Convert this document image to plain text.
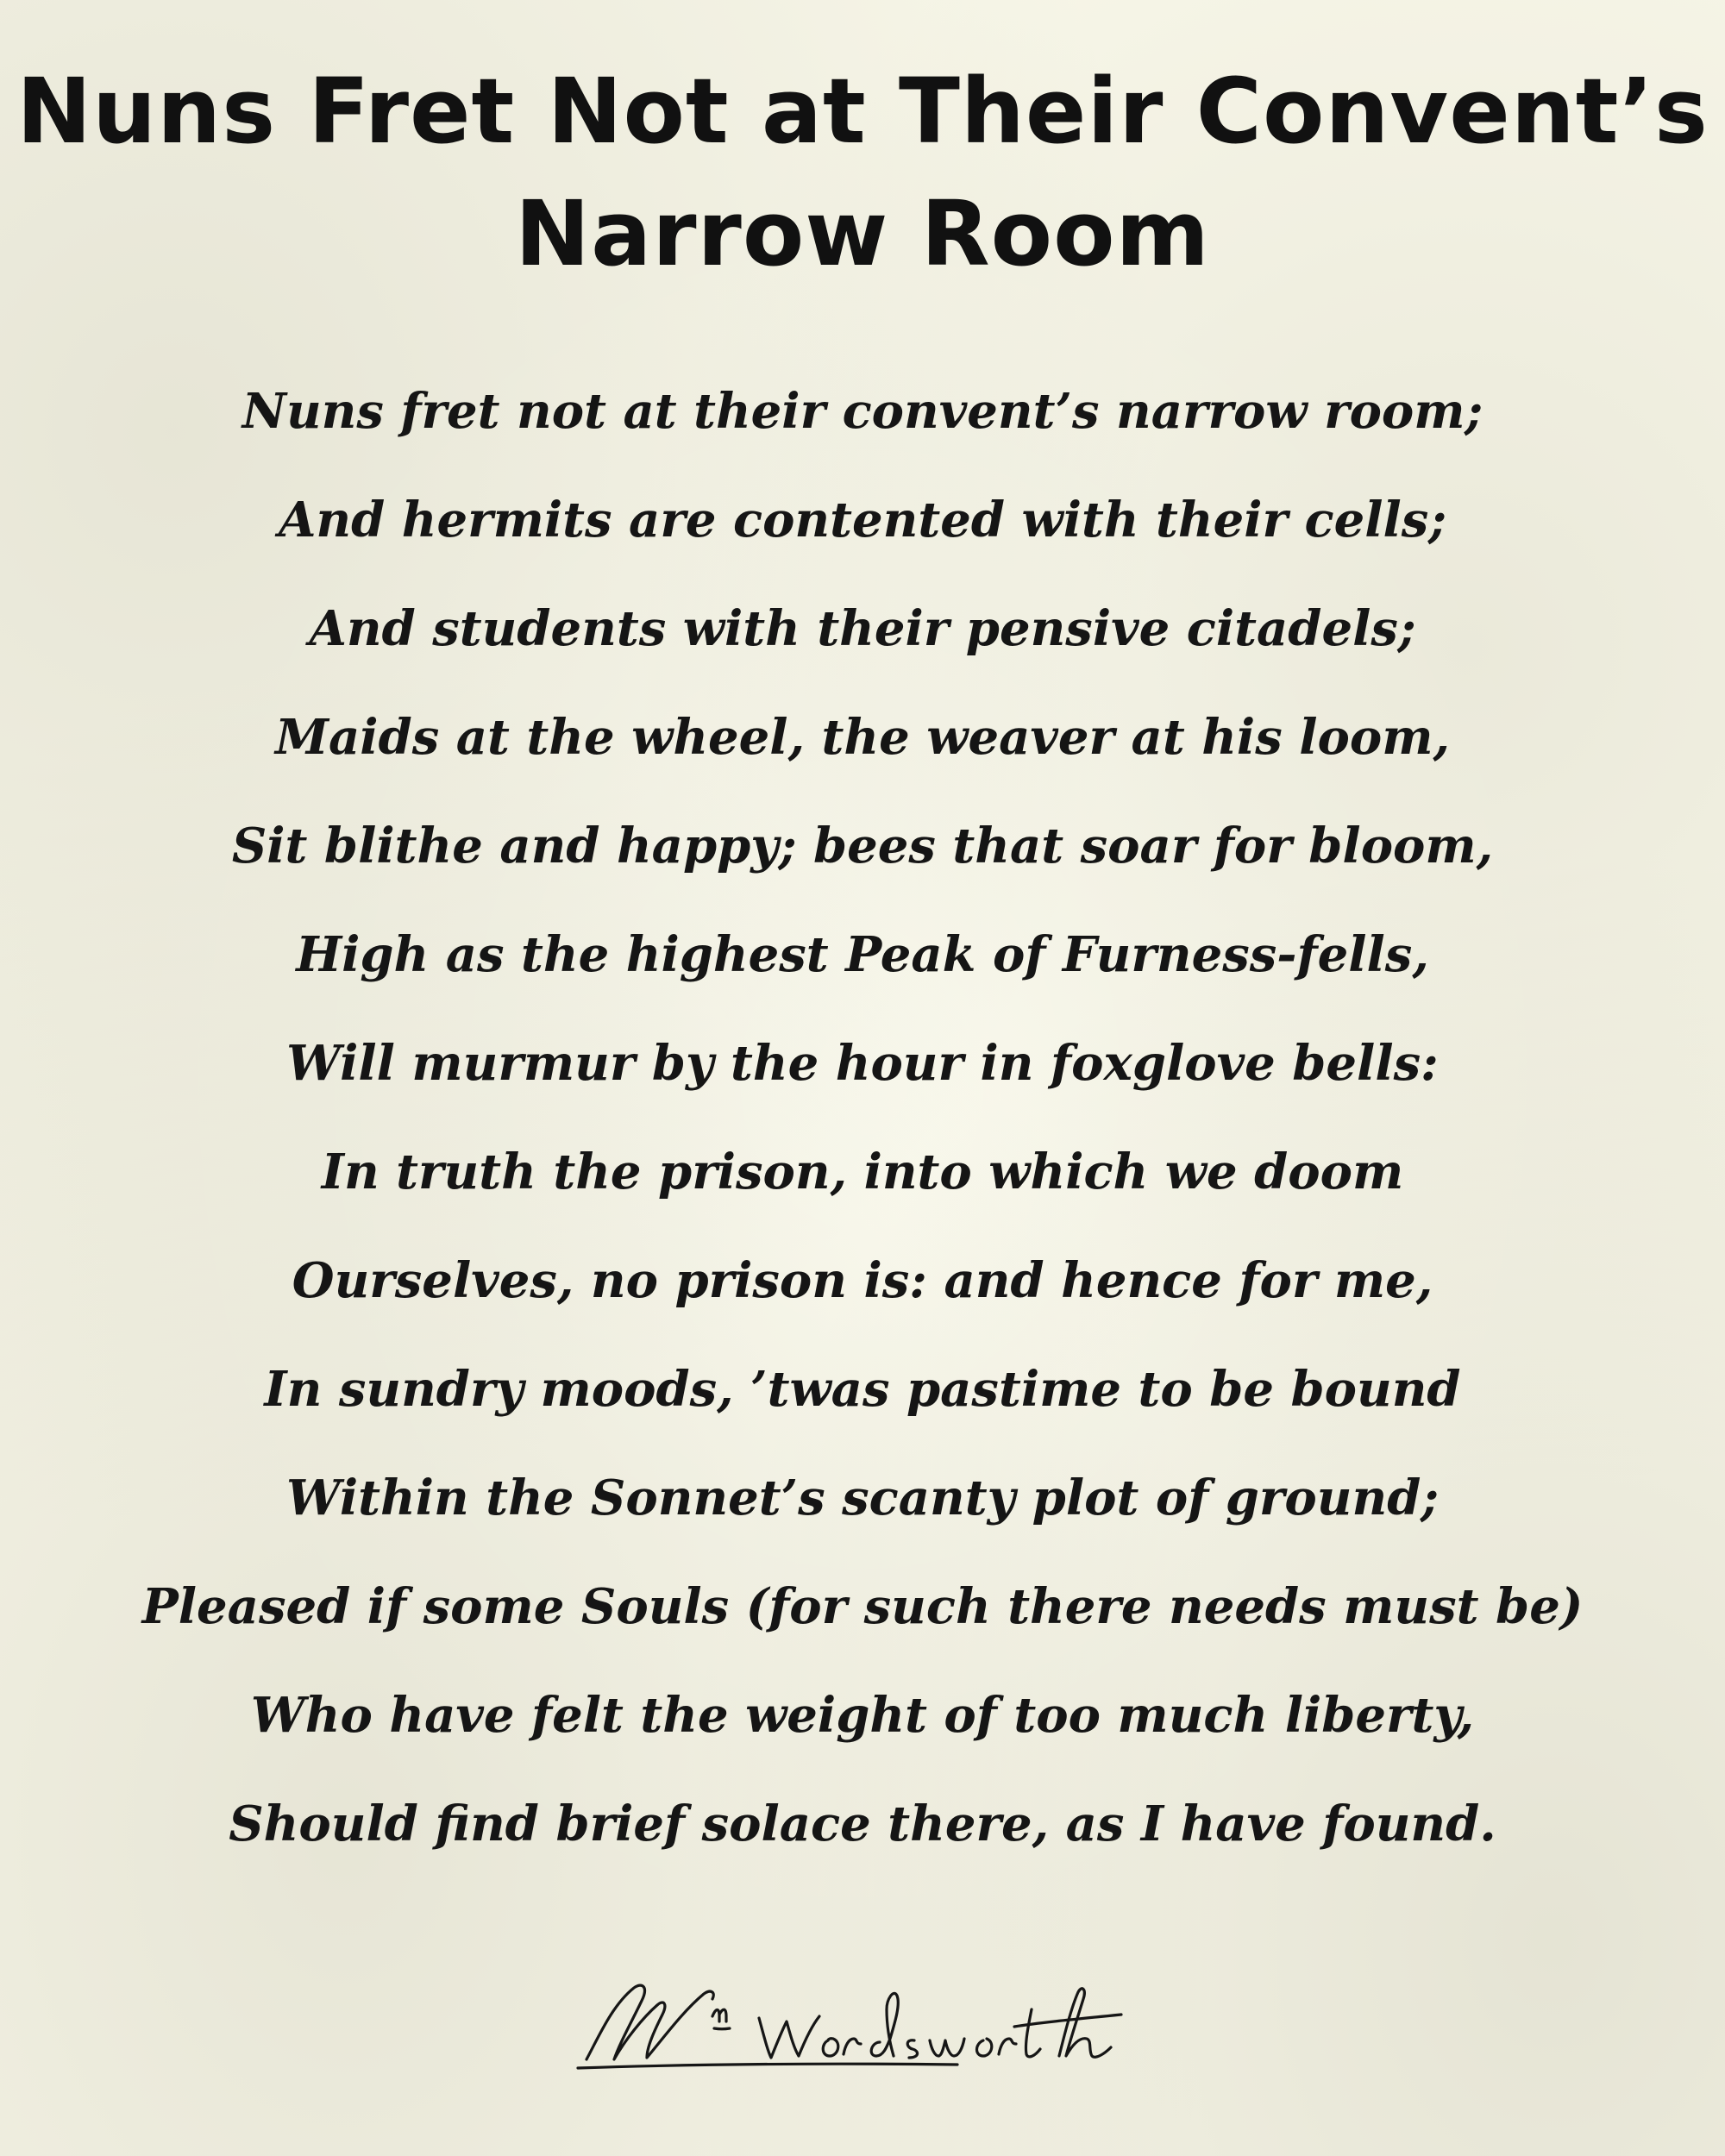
Nuns Fret Not at Their Convent’s
Narrow Room
Nuns fret not at their convent’s narrow room;
And hermits are contented with their cells;
And students with their pensive citadels;
Maids at the wheel, the weaver at his loom,
Sit blithe and happy; bees that soar for bloom,
High as the highest Peak of Furness-fells,
Will murmur by the hour in foxglove bells:
In truth the prison, into which we doom
Ourselves, no prison is: and hence for me,
In sundry moods, ’twas pastime to be bound
Within the Sonnet’s scanty plot of ground;
Pleased if some Souls (for such there needs must be)
Who have felt the weight of too much liberty,
Should find brief solace there, as I have found.
